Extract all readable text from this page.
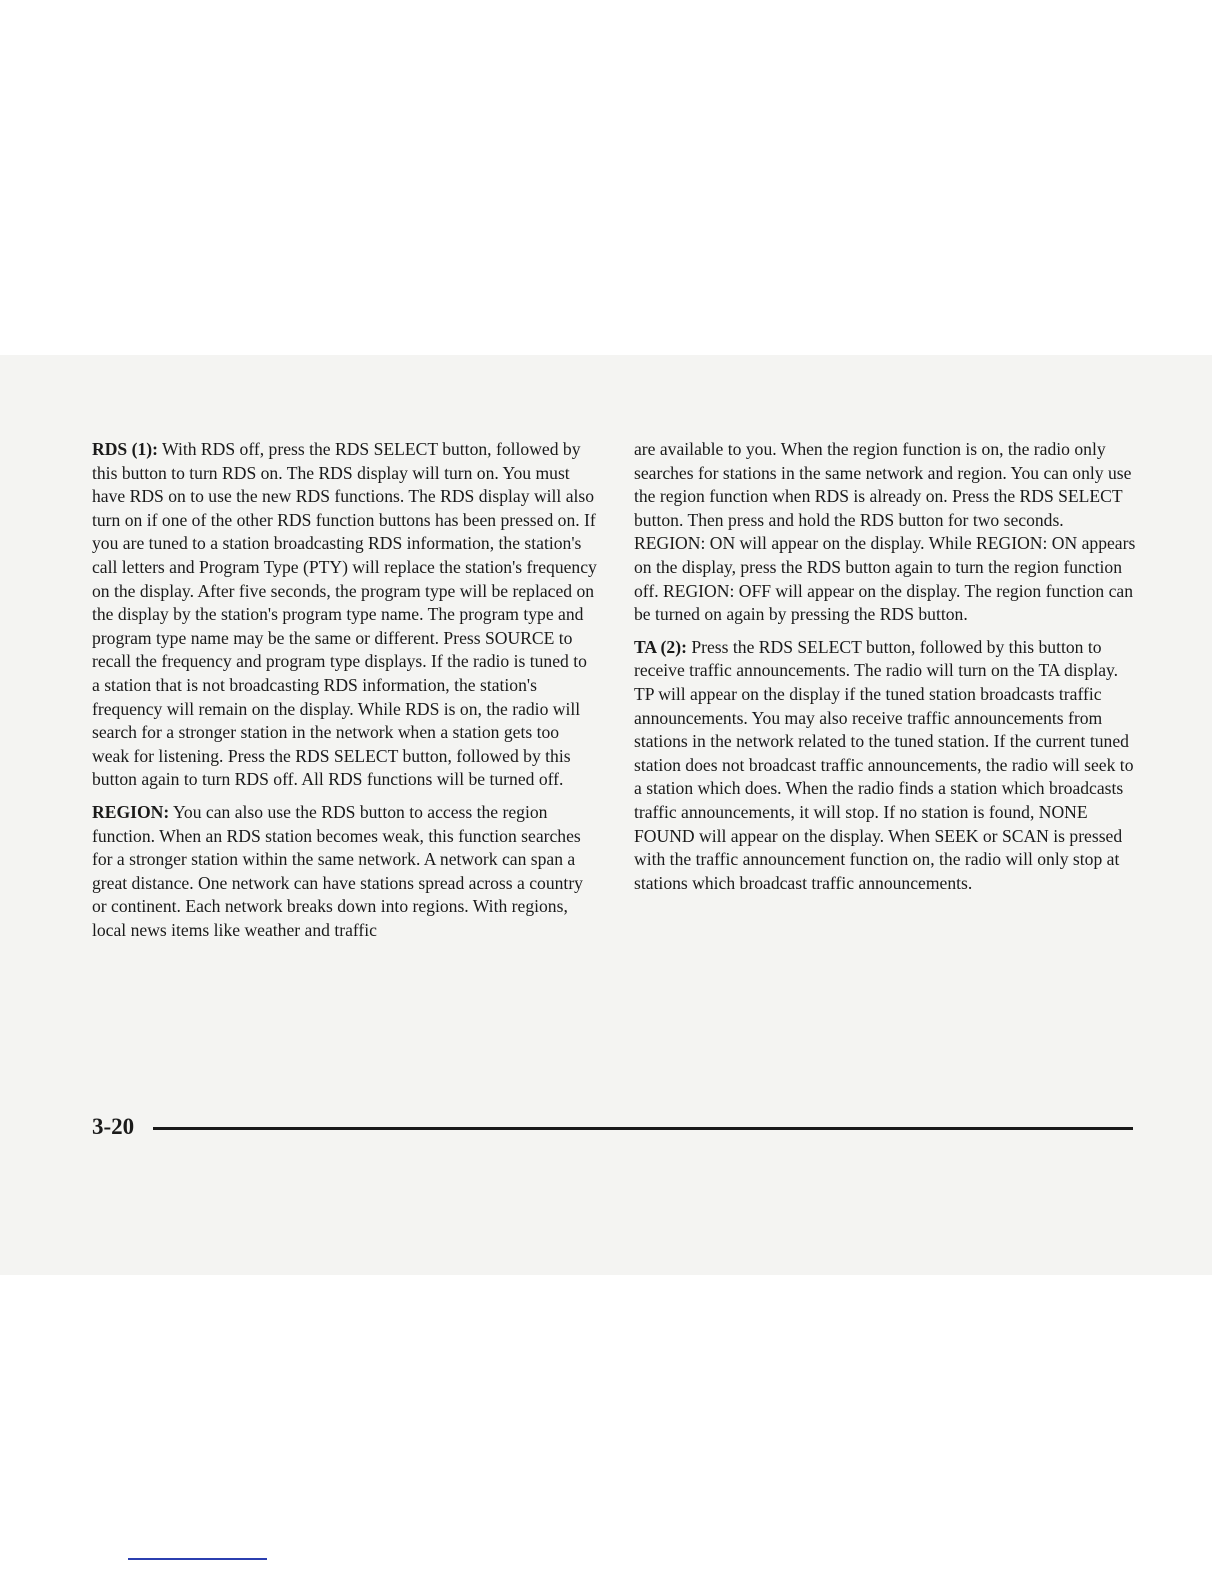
RDS (1): With RDS off, press the RDS SELECT button, followed by this button to turn RDS on. The RDS display will turn on. You must have RDS on to use the new RDS functions. The RDS display will also turn on if one of the other RDS function buttons has been pressed on. If you are tuned to a station broadcasting RDS information, the station's call letters and Program Type (PTY) will replace the station's frequency on the display. After five seconds, the program type will be replaced on the display by the station's program type name. The program type and program type name may be the same or different. Press SOURCE to recall the frequency and program type displays. If the radio is tuned to a station that is not broadcasting RDS information, the station's frequency will remain on the display. While RDS is on, the radio will search for a stronger station in the network when a station gets too weak for listening. Press the RDS SELECT button, followed by this button again to turn RDS off. All RDS functions will be turned off.

REGION: You can also use the RDS button to access the region function. When an RDS station becomes weak, this function searches for a stronger station within the same network. A network can span a great distance. One network can have stations spread across a country or continent. Each network breaks down into regions. With regions, local news items like weather and traffic

are available to you. When the region function is on, the radio only searches for stations in the same network and region. You can only use the region function when RDS is already on. Press the RDS SELECT button. Then press and hold the RDS button for two seconds. REGION: ON will appear on the display. While REGION: ON appears on the display, press the RDS button again to turn the region function off. REGION: OFF will appear on the display. The region function can be turned on again by pressing the RDS button.

TA (2): Press the RDS SELECT button, followed by this button to receive traffic announcements. The radio will turn on the TA display. TP will appear on the display if the tuned station broadcasts traffic announcements. You may also receive traffic announcements from stations in the network related to the tuned station. If the current tuned station does not broadcast traffic announcements, the radio will seek to a station which does. When the radio finds a station which broadcasts traffic announcements, it will stop. If no station is found, NONE FOUND will appear on the display. When SEEK or SCAN is pressed with the traffic announcement function on, the radio will only stop at stations which broadcast traffic announcements.

3-20
